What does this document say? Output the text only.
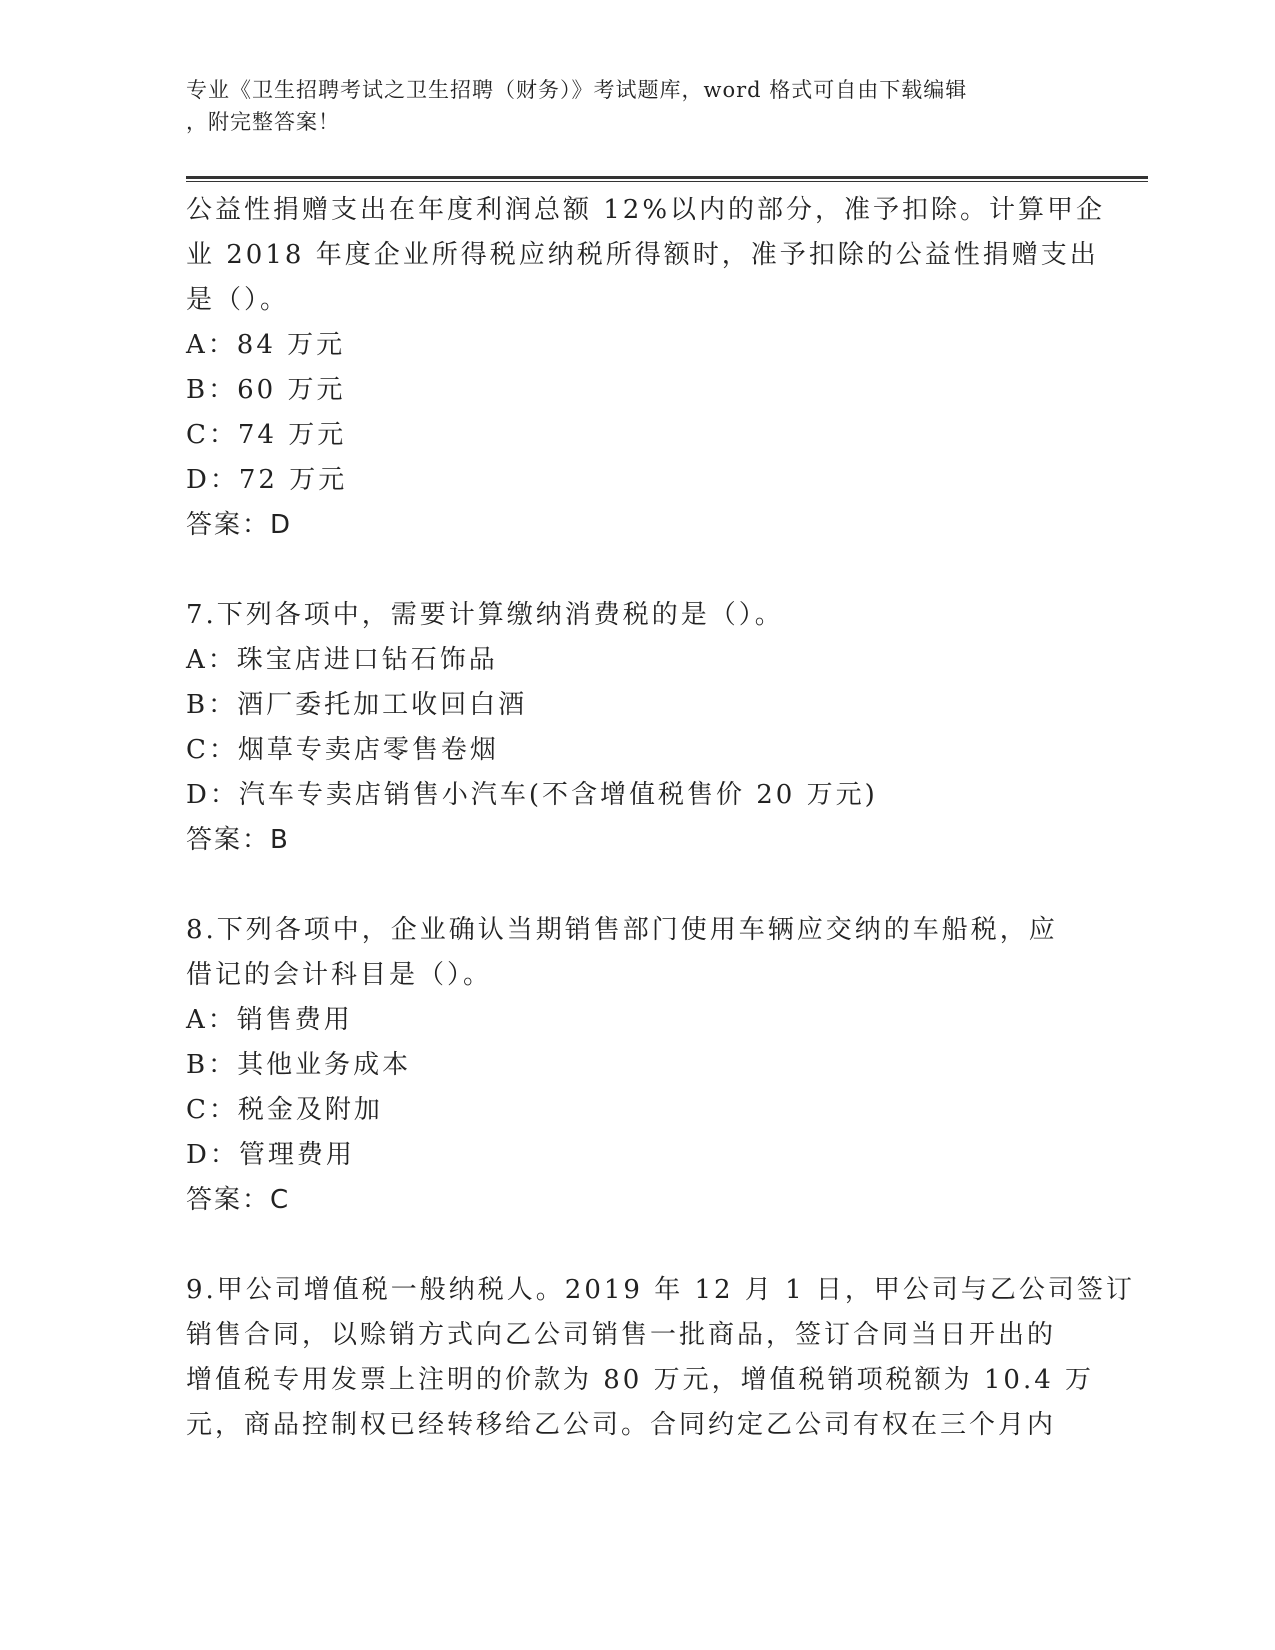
专业《卫生招聘考试之卫生招聘（财务）》考试题库，word 格式可自由下载编辑
，附完整答案！

公益性捐赠支出在年度利润总额 12%以内的部分，准予扣除。计算甲企

业 2018 年度企业所得税应纳税所得额时，准予扣除的公益性捐赠支出

是（）。

A：84 万元

B：60 万元

C：74 万元

D：72 万元

答案：D

7.下列各项中，需要计算缴纳消费税的是（）。

A：珠宝店进口钻石饰品

B：酒厂委托加工收回白酒

C：烟草专卖店零售卷烟

D：汽车专卖店销售小汽车(不含增值税售价 20 万元)

答案：B

8.下列各项中，企业确认当期销售部门使用车辆应交纳的车船税，应

借记的会计科目是（）。

A：销售费用

B：其他业务成本

C：税金及附加

D：管理费用

答案：C

9.甲公司增值税一般纳税人。2019 年 12 月 1 日，甲公司与乙公司签订

销售合同，以赊销方式向乙公司销售一批商品，签订合同当日开出的

增值税专用发票上注明的价款为 80 万元，增值税销项税额为 10.4 万

元，商品控制权已经转移给乙公司。合同约定乙公司有权在三个月内
